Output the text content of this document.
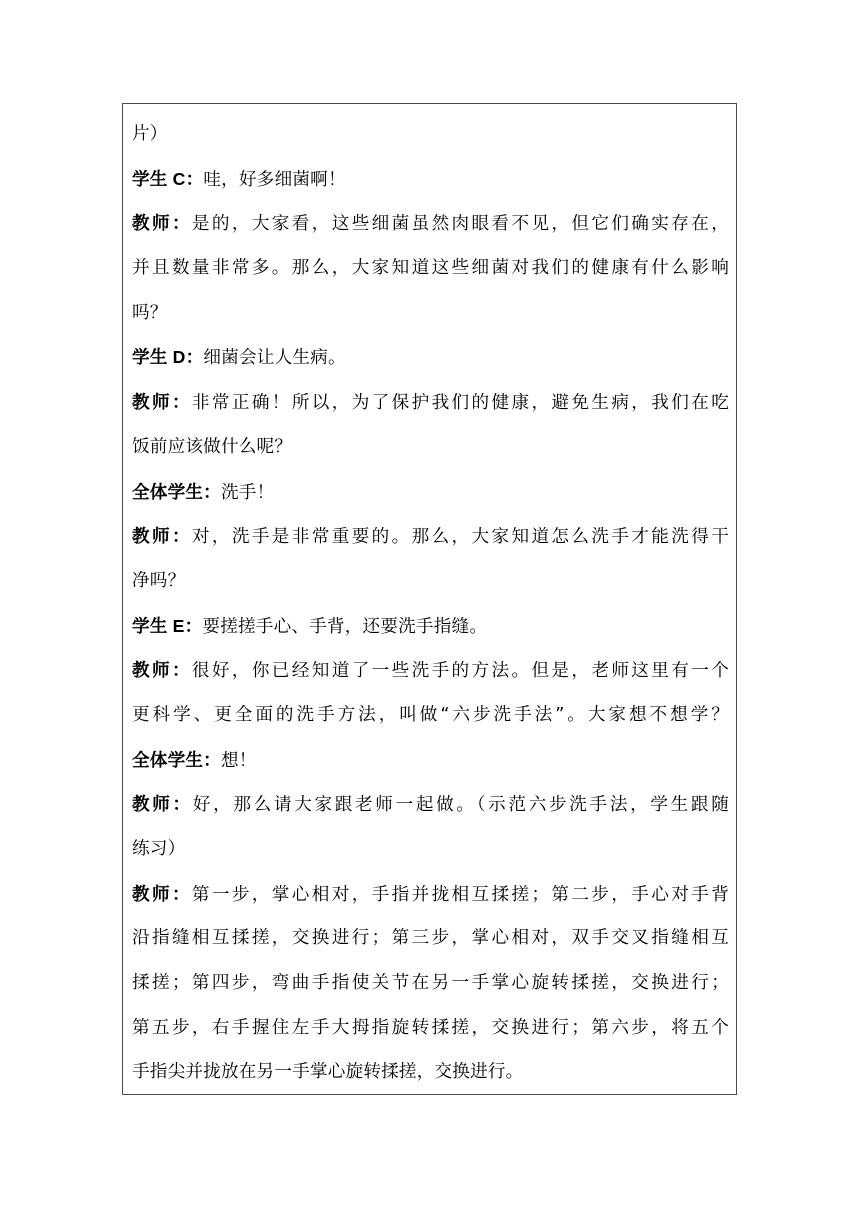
片）
学生 C：哇，好多细菌啊！
教师：是的，大家看，这些细菌虽然肉眼看不见，但它们确实存在，
并且数量非常多。那么，大家知道这些细菌对我们的健康有什么影响
吗？
学生 D：细菌会让人生病。
教师：非常正确！所以，为了保护我们的健康，避免生病，我们在吃
饭前应该做什么呢？
全体学生：洗手！
教师：对，洗手是非常重要的。那么，大家知道怎么洗手才能洗得干
净吗？
学生 E：要搓搓手心、手背，还要洗手指缝。
教师：很好，你已经知道了一些洗手的方法。但是，老师这里有一个
更科学、更全面的洗手方法，叫做“六步洗手法”。大家想不想学？
全体学生：想！
教师：好，那么请大家跟老师一起做。（示范六步洗手法，学生跟随
练习）
教师：第一步，掌心相对，手指并拢相互揉搓；第二步，手心对手背
沿指缝相互揉搓，交换进行；第三步，掌心相对，双手交叉指缝相互
揉搓；第四步，弯曲手指使关节在另一手掌心旋转揉搓，交换进行；
第五步，右手握住左手大拇指旋转揉搓，交换进行；第六步，将五个
手指尖并拢放在另一手掌心旋转揉搓，交换进行。
